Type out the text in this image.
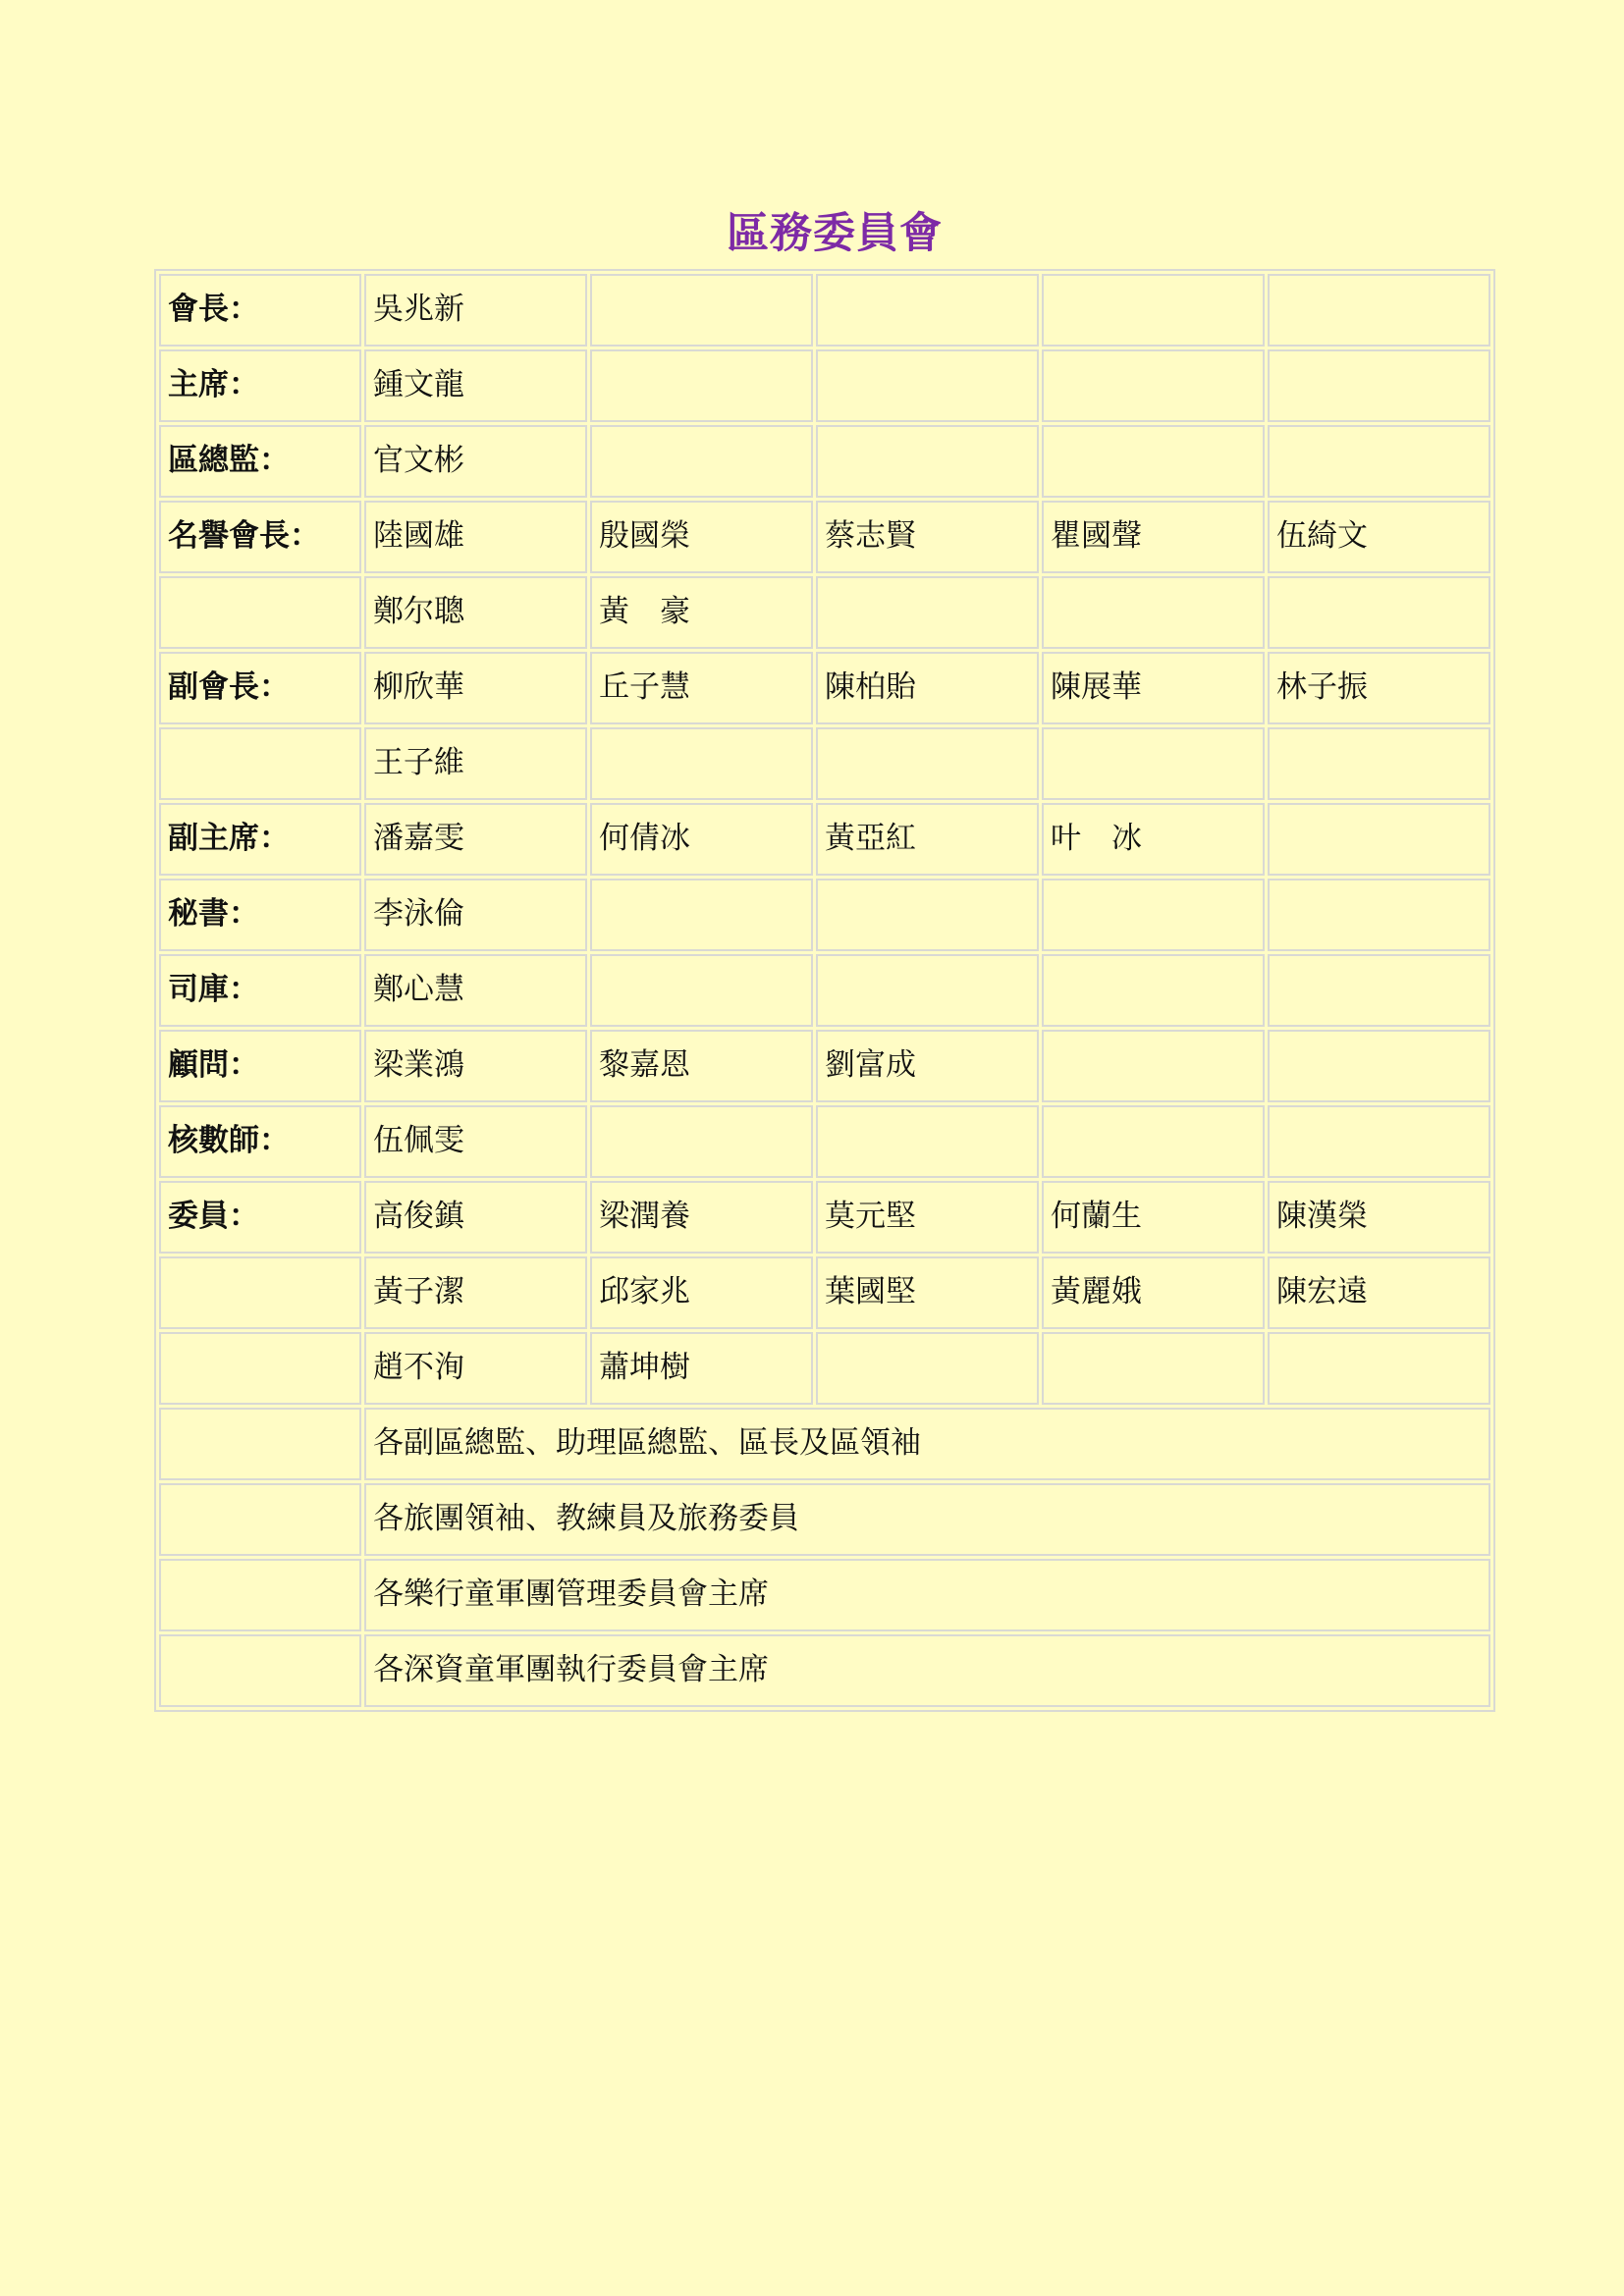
區務委員會
會長：	吳兆新				
主席：	鍾文龍				
區總監：	官文彬				
名譽會長：	陸國雄	殷國榮	蔡志賢	瞿國聲	伍綺文
	鄭尔聰	黃　豪			
副會長：	柳欣華	丘子慧	陳柏貽	陳展華	林子振
	王子維				
副主席：	潘嘉雯	何倩冰	黃亞紅	叶　冰	
秘書：	李泳倫				
司庫：	鄭心慧				
顧問：	梁業鴻	黎嘉恩	劉富成		
核數師：	伍佩雯				
委員：	高俊鎮	梁潤養	莫元堅	何蘭生	陳漢榮
	黃子潔	邱家兆	葉國堅	黃麗娥	陳宏遠
	趙不洵	蕭坤樹			
	各副區總監、助理區總監、區長及區領袖				
	各旅團領袖、教練員及旅務委員				
	各樂行童軍團管理委員會主席				
	各深資童軍團執行委員會主席				
